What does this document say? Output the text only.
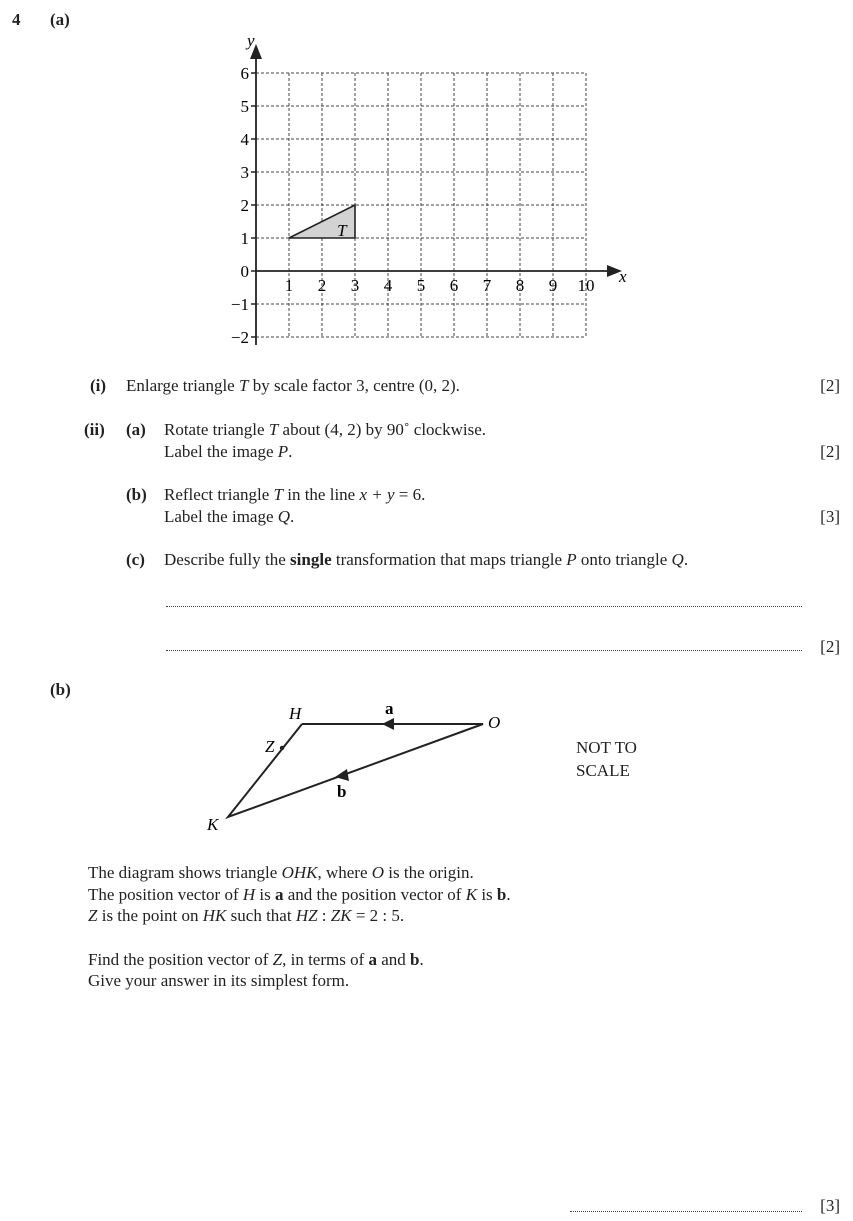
4 (a)
T
x
y
1 2 3 4 5 6 7 8 9 10
6
5
4
3
2
1
0
−1
−2
(i) Enlarge triangle T by scale factor 3, centre (0, 2).	[2]
(ii) (a) Rotate triangle T about (4, 2) by 90˚ clockwise.
Label the image P.	[2]
(b) Reflect triangle T in the line x + y = 6.
Label the image Q.	[3]
(c) Describe fully the single transformation that maps triangle P onto triangle Q.
[2]
(b)
H	O
K
Z
a
b
NOT TO
SCALE
The diagram shows triangle OHK, where O is the origin.
The position vector of H is a and the position vector of K is b.
Z is the point on HK such that HZ : ZK = 2 : 5.
Find the position vector of Z, in terms of a and b.
Give your answer in its simplest form.
[3]
